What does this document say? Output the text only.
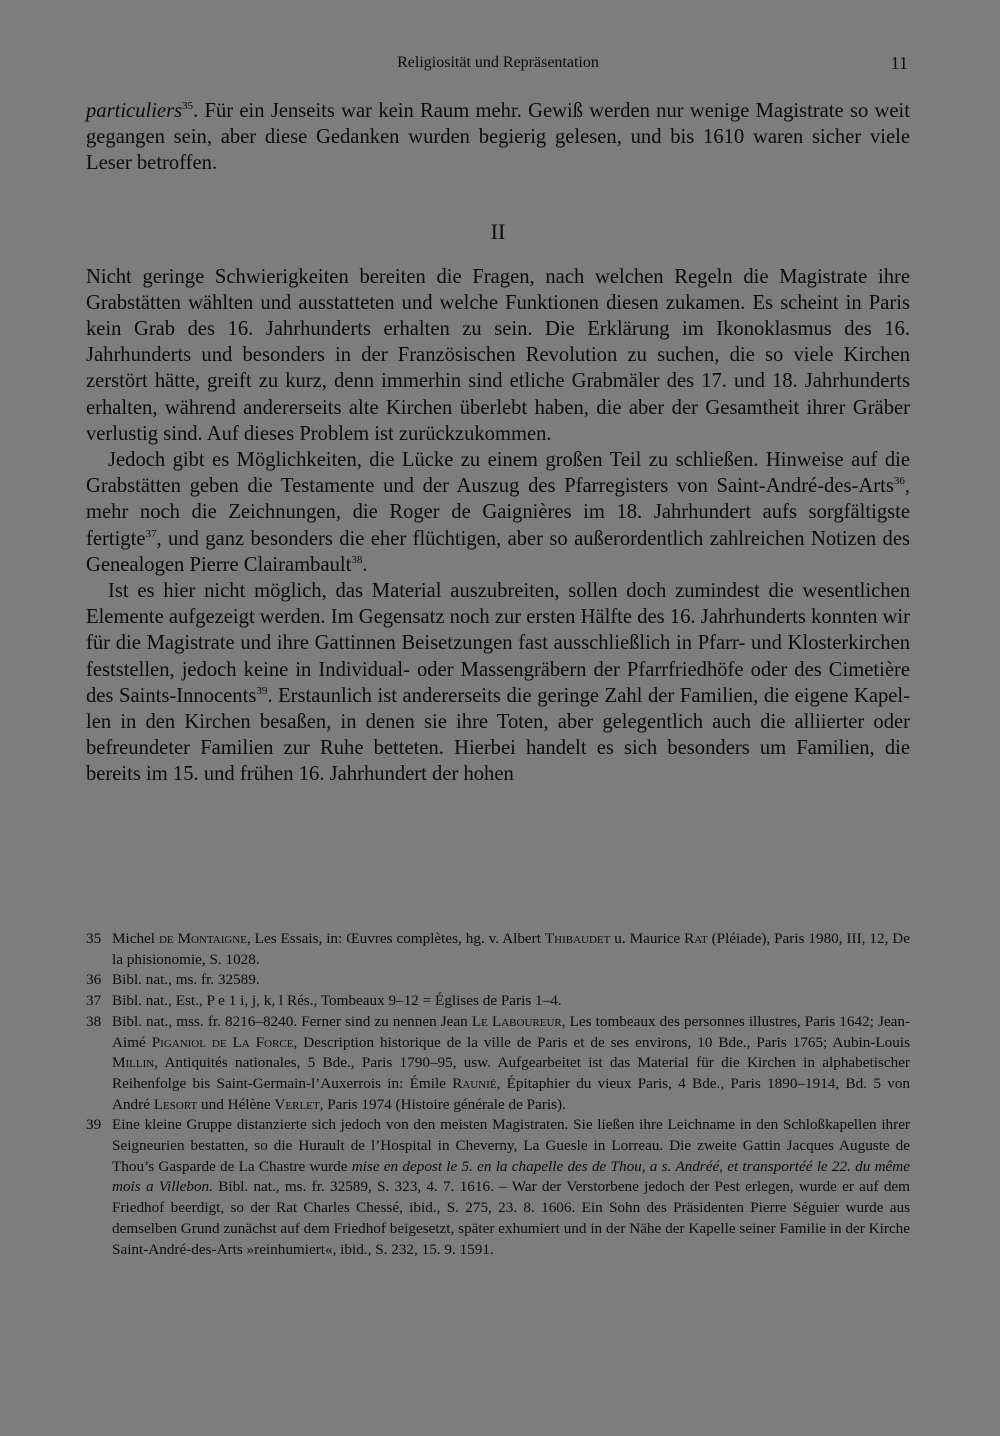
Religiosität und Repräsentation	11

particuliers$^{35}$. Für ein Jenseits war kein Raum mehr. Gewiß werden nur wenige Magistrate so weit gegangen sein, aber diese Gedanken wurden begierig gelesen, und bis 1610 waren sicher viele Leser betroffen.

II

Nicht geringe Schwierigkeiten bereiten die Fragen, nach welchen Regeln die Magistrate ihre Grabstätten wählten und ausstatteten und welche Funktionen diesen zukamen. Es scheint in Paris kein Grab des 16. Jahrhunderts erhalten zu sein. Die Erklärung im Ikonoklasmus des 16. Jahrhunderts und besonders in der Französischen Revolution zu suchen, die so viele Kirchen zerstört hätte, greift zu kurz, denn immerhin sind etliche Grabmäler des 17. und 18. Jahrhunderts erhalten, während andererseits alte Kirchen überlebt haben, die aber der Gesamtheit ihrer Gräber verlustig sind. Auf dieses Problem ist zurückzukommen.

Jedoch gibt es Möglichkeiten, die Lücke zu einem großen Teil zu schließen. Hinweise auf die Grabstätten geben die Testamente und der Auszug des Pfarregisters von Saint-André-des-Arts$^{36}$, mehr noch die Zeichnungen, die Roger de Gaignières im 18. Jahrhundert aufs sorgfältigste fertigte$^{37}$, und ganz besonders die eher flüchtigen, aber so außerordentlich zahlreichen Notizen des Genealogen Pierre Clairambault$^{38}$.

Ist es hier nicht möglich, das Material auszubreiten, sollen doch zumindest die wesentlichen Elemente aufgezeigt werden. Im Gegensatz noch zur ersten Hälfte des 16. Jahrhunderts konnten wir für die Magistrate und ihre Gattinnen Beisetzungen fast ausschließlich in Pfarr- und Klosterkirchen feststellen, jedoch keine in Individual- oder Massengräbern der Pfarrfriedhöfe oder des Cimetière des Saints-Innocents$^{39}$. Erstaunlich ist andererseits die geringe Zahl der Familien, die eigene Kapellen in den Kirchen besaßen, in denen sie ihre Toten, aber gelegentlich auch die alliierter oder befreundeter Familien zur Ruhe betteten. Hierbei handelt es sich besonders um Familien, die bereits im 15. und frühen 16. Jahrhundert der hohen

35 Michel de Montaigne, Les Essais, in: Œuvres complètes, hg. v. Albert Thibaudet u. Maurice Rat (Pléiade), Paris 1980, III, 12, De la phisionomie, S. 1028.
36 Bibl. nat., ms. fr. 32589.
37 Bibl. nat., Est., P e 1 i, j, k, l Rés., Tombeaux 9–12 = Églises de Paris 1–4.
38 Bibl. nat., mss. fr. 8216–8240. Ferner sind zu nennen Jean Le Laboureur, Les tombeaux des personnes illustres, Paris 1642; Jean-Aimé Piganiol de La Force, Description historique de la ville de Paris et de ses environs, 10 Bde., Paris 1765; Aubin-Louis Millin, Antiquités nationales, 5 Bde., Paris 1790–95, usw. Aufgearbeitet ist das Material für die Kirchen in alphabetischer Reihenfolge bis Saint-Germain-l’Auxerrois in: Émile Raunié, Épitaphier du vieux Paris, 4 Bde., Paris 1890–1914, Bd. 5 von André Lesort und Hélène Verlet, Paris 1974 (Histoire générale de Paris).
39 Eine kleine Gruppe distanzierte sich jedoch von den meisten Magistraten. Sie ließen ihre Leichname in den Schloßkapellen ihrer Seigneurien bestatten, so die Hurault de l’Hospital in Cheverny, La Guesle in Lorreau. Die zweite Gattin Jacques Auguste de Thou’s Gasparde de La Chastre wurde mise en depost le 5. en la chapelle des de Thou, a s. Andréé, et transportéé le 22. du même mois a Villebon. Bibl. nat., ms. fr. 32589, S. 323, 4. 7. 1616. – War der Verstorbene jedoch der Pest erlegen, wurde er auf dem Friedhof beerdigt, so der Rat Charles Chessé, ibid., S. 275, 23. 8. 1606. Ein Sohn des Präsidenten Pierre Séguier wurde aus demselben Grund zunächst auf dem Friedhof beigesetzt, später exhumiert und in der Nähe der Kapelle seiner Familie in der Kirche Saint-André-des-Arts »reinhumiert«, ibid., S. 232, 15. 9. 1591.
